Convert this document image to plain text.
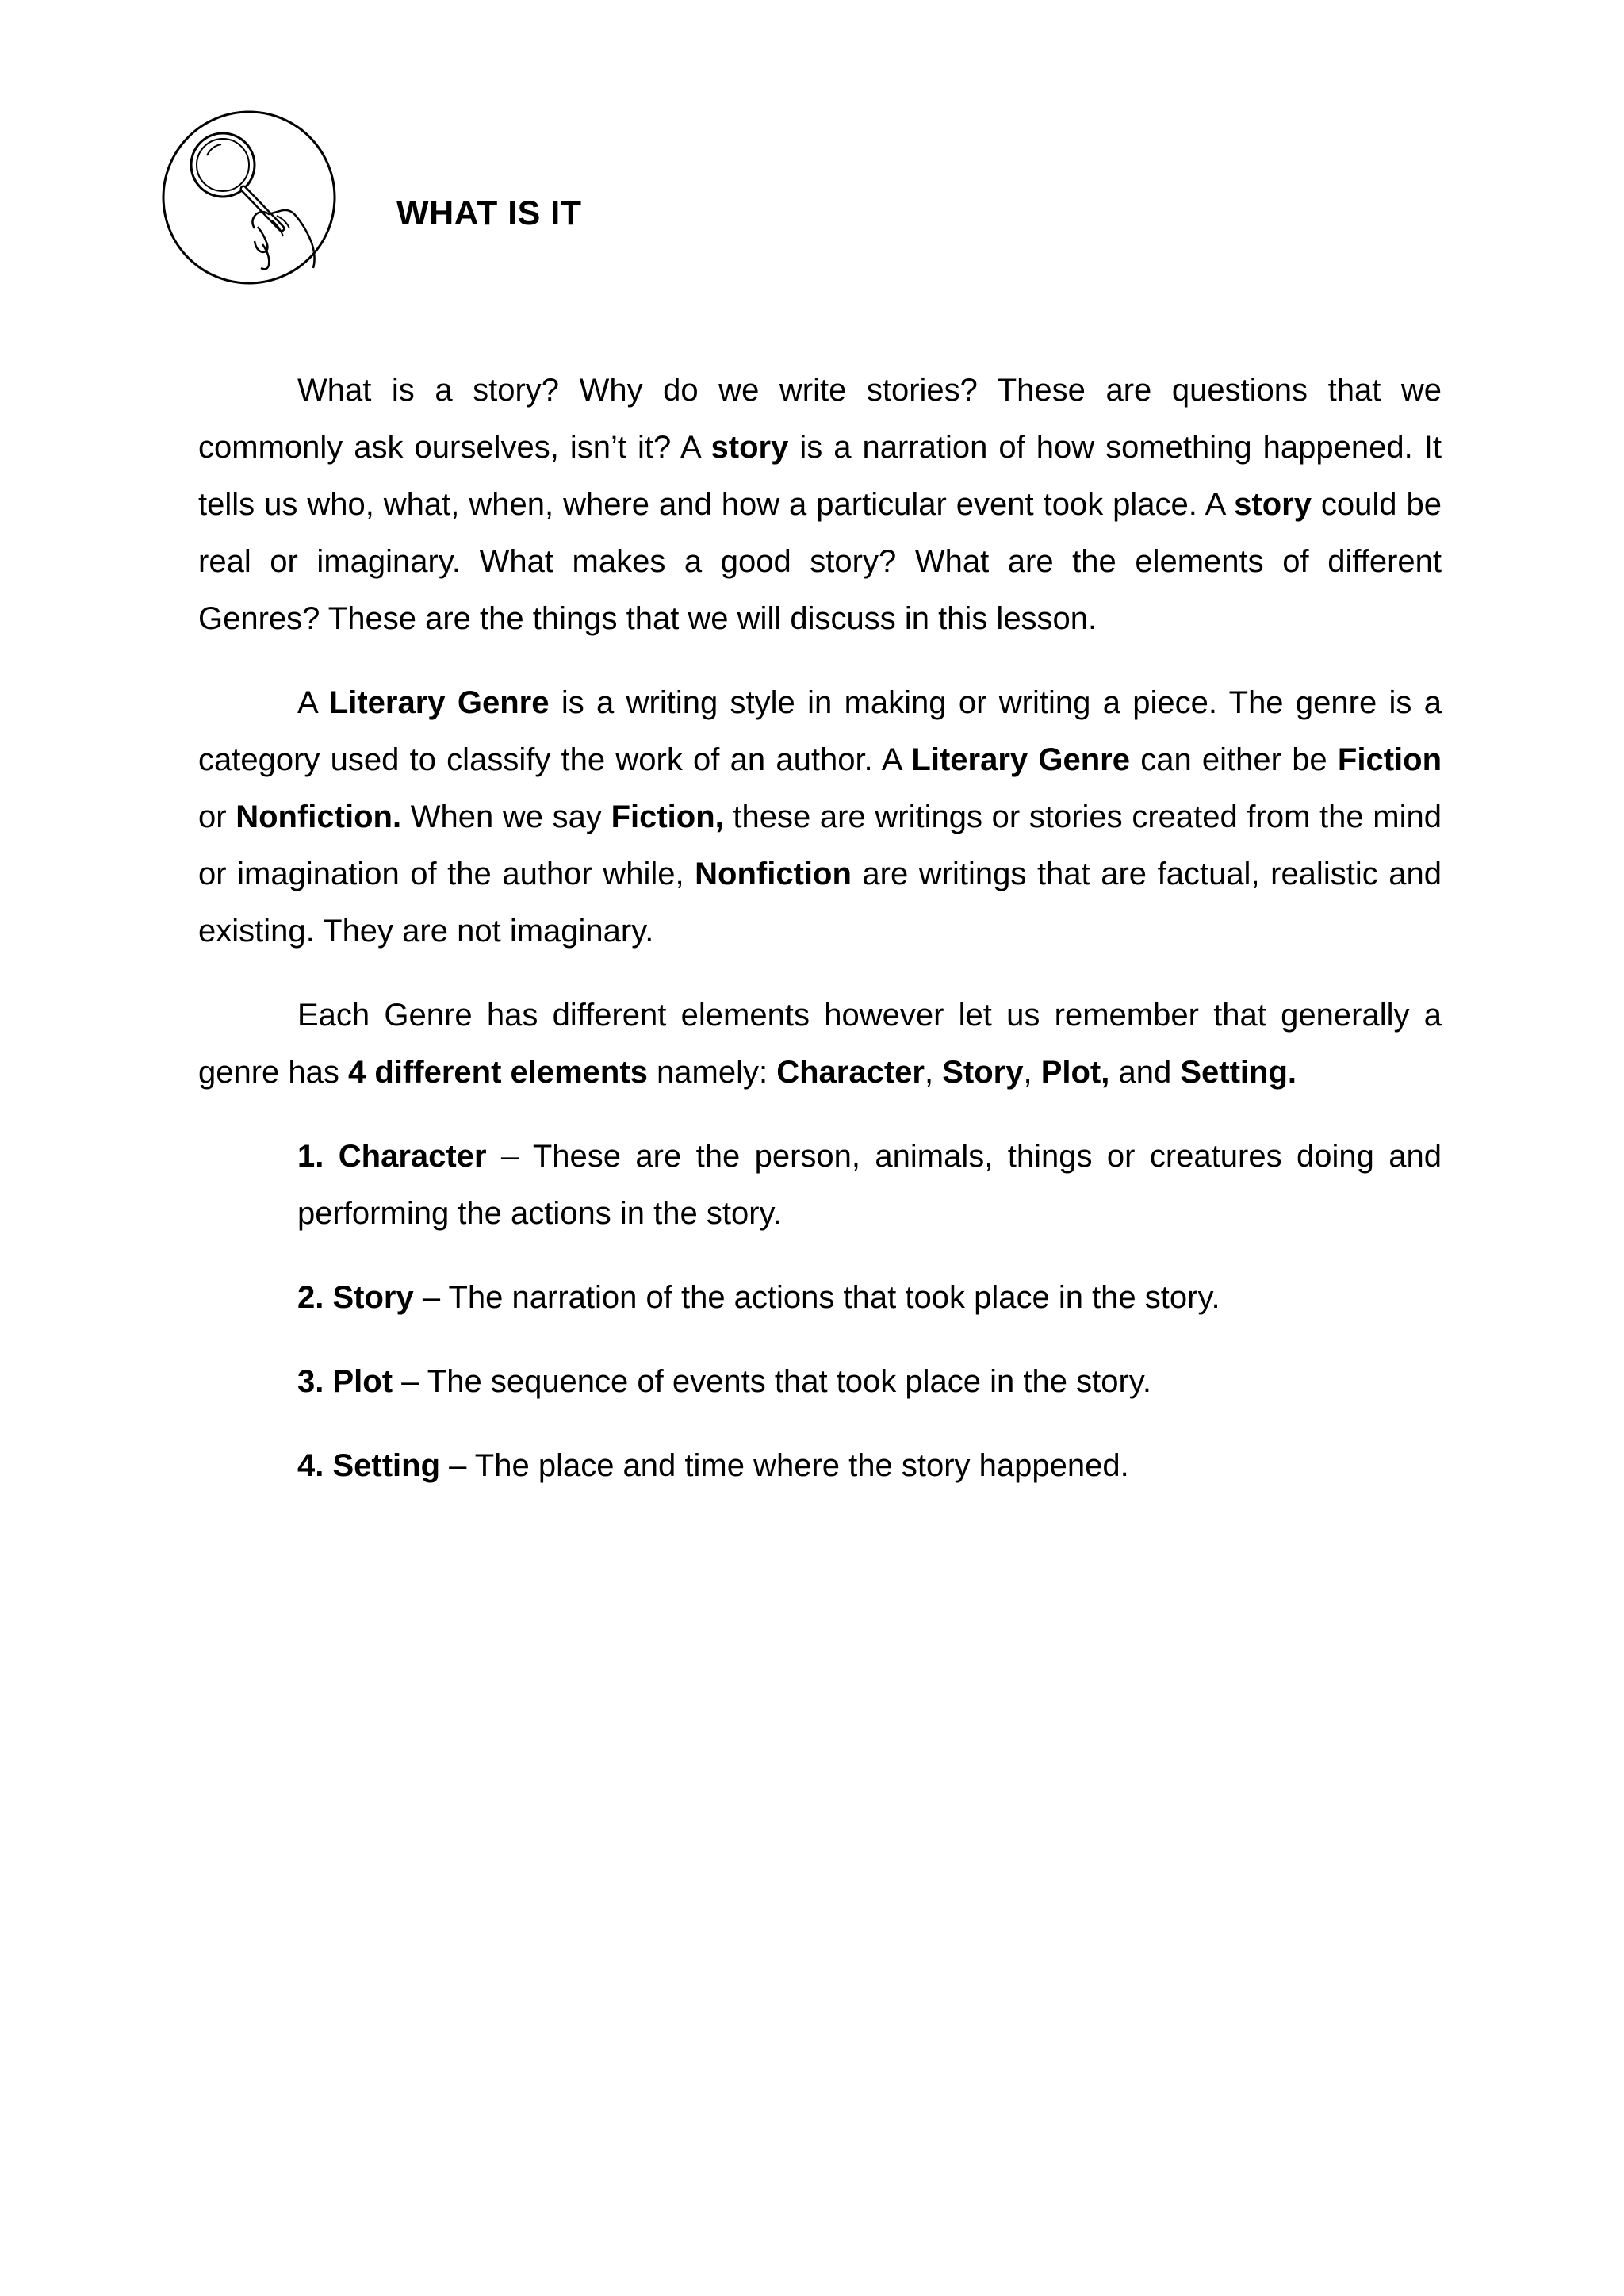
WHAT IS IT

What is a story? Why do we write stories? These are questions that we commonly ask ourselves, isn’t it? A story is a narration of how something happened. It tells us who, what, when, where and how a particular event took place. A story could be real or imaginary. What makes a good story? What are the elements of different Genres? These are the things that we will discuss in this lesson.

A Literary Genre is a writing style in making or writing a piece. The genre is a category used to classify the work of an author. A Literary Genre can either be Fiction or Nonfiction. When we say Fiction, these are writings or stories created from the mind or imagination of the author while, Nonfiction are writings that are factual, realistic and existing. They are not imaginary.

Each Genre has different elements however let us remember that generally a genre has 4 different elements namely: Character, Story, Plot, and Setting.

1. Character – These are the person, animals, things or creatures doing and performing the actions in the story.
2. Story – The narration of the actions that took place in the story.
3. Plot – The sequence of events that took place in the story.
4. Setting – The place and time where the story happened.
